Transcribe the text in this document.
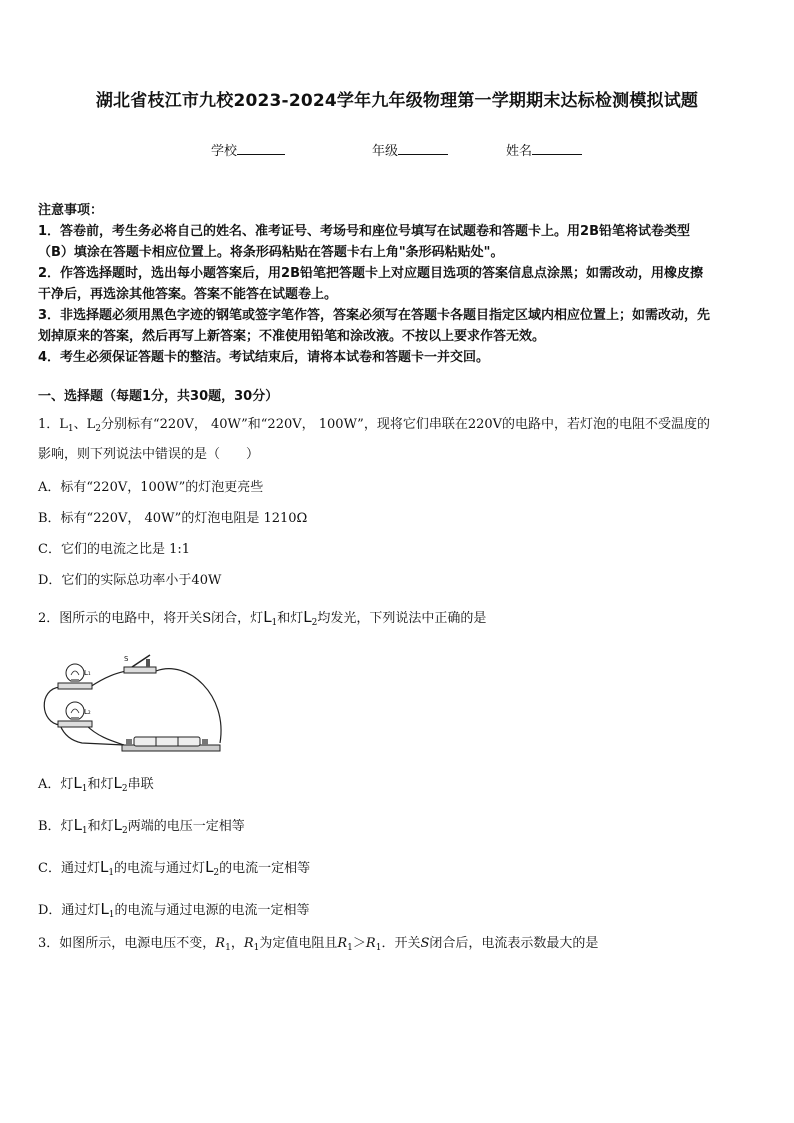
湖北省枝江市九校2023-2024学年九年级物理第一学期期末达标检测模拟试题
学校	年级	姓名
注意事项：
1．答卷前，考生务必将自己的姓名、准考证号、考场号和座位号填写在试题卷和答题卡上。用2B铅笔将试卷类型
（B）填涂在答题卡相应位置上。将条形码粘贴在答题卡右上角"条形码粘贴处"。
2．作答选择题时，选出每小题答案后，用2B铅笔把答题卡上对应题目选项的答案信息点涂黑；如需改动，用橡皮擦
干净后，再选涂其他答案。答案不能答在试题卷上。
3．非选择题必须用黑色字迹的钢笔或签字笔作答，答案必须写在答题卡各题目指定区域内相应位置上；如需改动，先
划掉原来的答案，然后再写上新答案；不准使用铅笔和涂改液。不按以上要求作答无效。
4．考生必须保证答题卡的整洁。考试结束后，请将本试卷和答题卡一并交回。
一、选择题（每题1分，共30题，30分）
1．$L_1$、$L_2$分别标有“220V， 40W”和“220V， 100W”，现将它们串联在220V的电路中，若灯泡的电阻不受温度的
影响，则下列说法中错误的是（　　）
A．标有“220V，100W”的灯泡更亮些
B．标有“220V， 40W”的灯泡电阻是 1210Ω
C．它们的电流之比是 1:1
D．它们的实际总功率小于40W
2．图所示的电路中，将开关S闭合，灯$L_1$和灯$L_2$均发光，下列说法中正确的是
L₁
L₂
S
A．灯$L_1$和灯$L_2$串联
B．灯$L_1$和灯$L_2$两端的电压一定相等
C．通过灯$L_1$的电流与通过灯$L_2$的电流一定相等
D．通过灯$L_1$的电流与通过电源的电流一定相等
3．如图所示，电源电压不变，$R_1$，$R_1$为定值电阻且$R_1>R_1$．开关S闭合后，电流表示数最大的是
